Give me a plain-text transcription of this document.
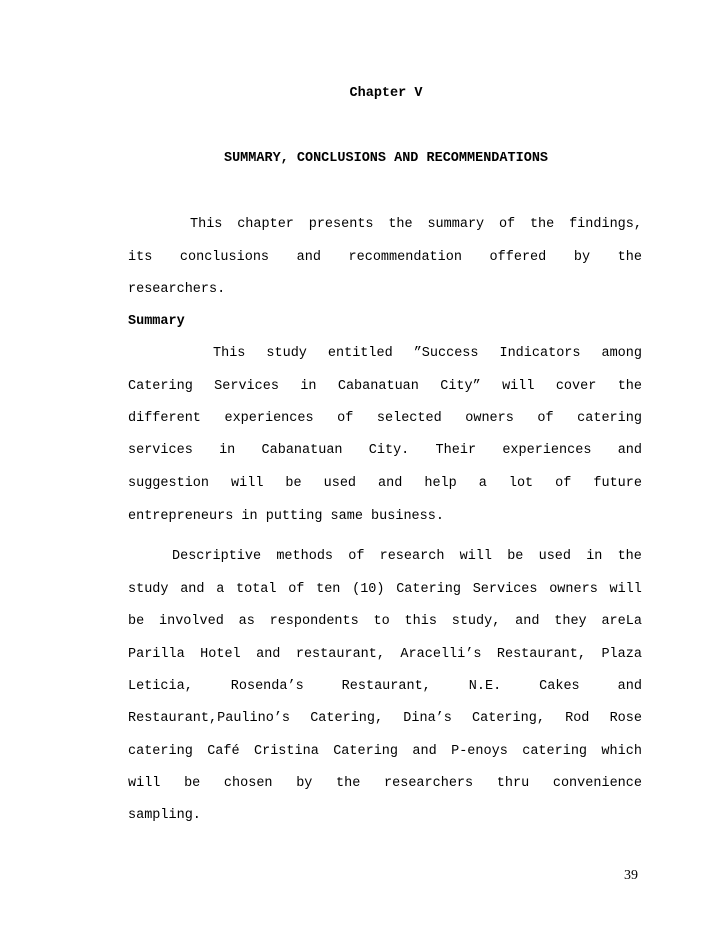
Chapter V
SUMMARY, CONCLUSIONS AND RECOMMENDATIONS
This chapter presents the summary of the findings,
its conclusions and recommendation offered by the
researchers.
Summary
This study entitled ”Success Indicators among
Catering Services in Cabanatuan City” will cover the
different experiences of selected owners of catering
services in Cabanatuan City. Their experiences and
suggestion will be used and help a lot of future
entrepreneurs in putting same business.
Descriptive methods of research will be used in the
study and a total of ten (10) Catering Services owners will
be involved as respondents to this study, and they areLa
Parilla Hotel and restaurant, Aracelli’s Restaurant, Plaza
Leticia,	Rosenda’s	Restaurant,	N.E.	Cakes	and
Restaurant,Paulino’s Catering, Dina’s Catering, Rod Rose
catering Café Cristina Catering and P-enoys catering which
will be chosen by the researchers thru convenience
sampling.
39
